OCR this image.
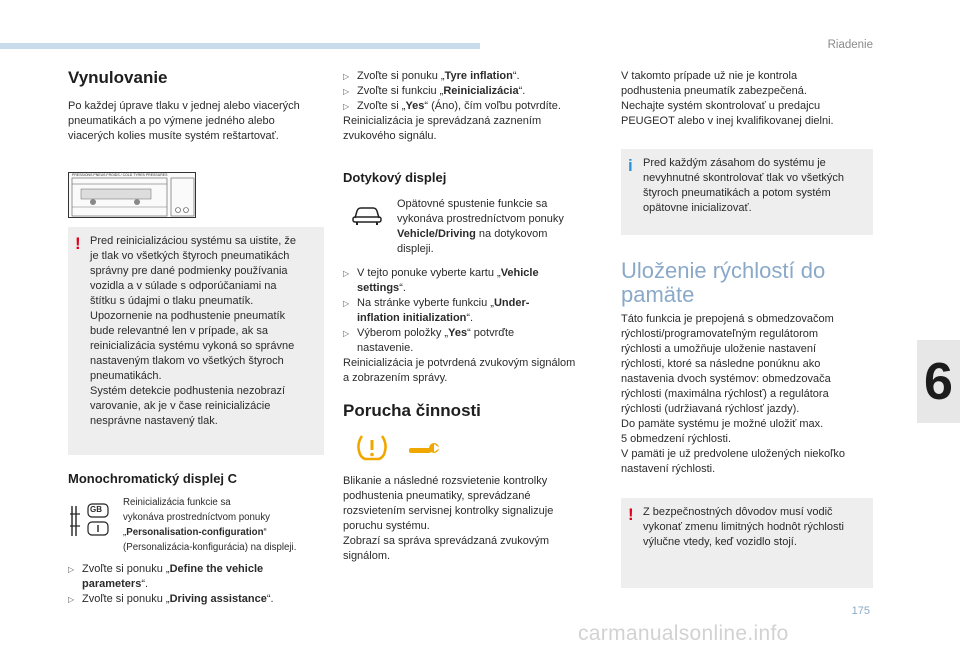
Riadenie
6
175
carmanualsonline.info
Vynulovanie

Po každej úprave tlaku v jednej alebo viacerých pneumatikách a po výmene jedného alebo viacerých kolies musíte systém reštartovať.

PRESSIONS PNEUS FROIDS / COLD TYRES PRESSURES
! Pred reinicializáciou systému sa uistite, že

je tlak vo všetkých štyroch pneumatikách

správny pre dané podmienky používania

vozidla a v súlade s odporúčaniami na

štítku s údajmi o tlaku pneumatík.

Upozornenie na podhustenie pneumatík

bude relevantné len v prípade, ak sa

reinicializácia systému vykoná so správne

nastaveným tlakom vo všetkých štyroch

pneumatikách.

Systém detekcie podhustenia nezobrazí

varovanie, ak je v čase reinicializácie

nesprávne nastavený tlak.

Monochromatický displej C
GB
Reinicializácia funkcie sa
vykonáva prostredníctvom ponuky
„Personalisation-configuration“
(Personalizácia-konfigurácia) na displeji.
▷ Zvoľte si ponuku „Define the vehicle
parameters“.
▷ Zvoľte si ponuku „Driving assistance“.
▷ Zvoľte si ponuku „Tyre inflation“.
▷ Zvoľte si funkciu „Reinicializácia“.
▷ Zvoľte si „Yes“ (Áno), čím voľbu potvrdíte.

Reinicializácia je sprevádzaná zaznením zvukového signálu.

Dotykový displej
Opätovné spustenie funkcie sa
vykonáva prostredníctvom ponuky
Vehicle/Driving na dotykovom
displeji.
▷ V tejto ponuke vyberte kartu „Vehicle
settings“.
▷ Na stránke vyberte funkciu „Under-
inflation initialization“.
▷ Výberom položky „Yes“ potvrďte
nastavenie.

Reinicializácia je potvrdená zvukovým signálom a zobrazením správy.

Porucha činnosti

Blikanie a následné rozsvietenie kontrolky

podhustenia pneumatiky, sprevádzané

rozsvietením servisnej kontrolky signalizuje

poruchu systému.

Zobrazí sa správa sprevádzaná zvukovým

signálom.

V takomto prípade už nie je kontrola

podhustenia pneumatík zabezpečená.

Nechajte systém skontrolovať u predajcu

PEUGEOT alebo v inej kvalifikovanej dielni.

i Pred každým zásahom do systému je

nevyhnutné skontrolovať tlak vo všetkých

štyroch pneumatikách a potom systém

opätovne inicializovať.

Uloženie rýchlostí do
pamäte

Táto funkcia je prepojená s obmedzovačom

rýchlosti/programovateľným regulátorom

rýchlosti a umožňuje uloženie nastavení

rýchlosti, ktoré sa následne ponúknu ako

nastavenia dvoch systémov: obmedzovača

rýchlosti (maximálna rýchlosť) a regulátora

rýchlosti (udržiavaná rýchlosť jazdy).

Do pamäte systému je možné uložiť max.

5 obmedzení rýchlosti.

V pamäti je už predvolene uložených niekoľko

nastavení rýchlosti.

! Z bezpečnostných dôvodov musí vodič

vykonať zmenu limitných hodnôt rýchlosti

výlučne vtedy, keď vozidlo stojí.
